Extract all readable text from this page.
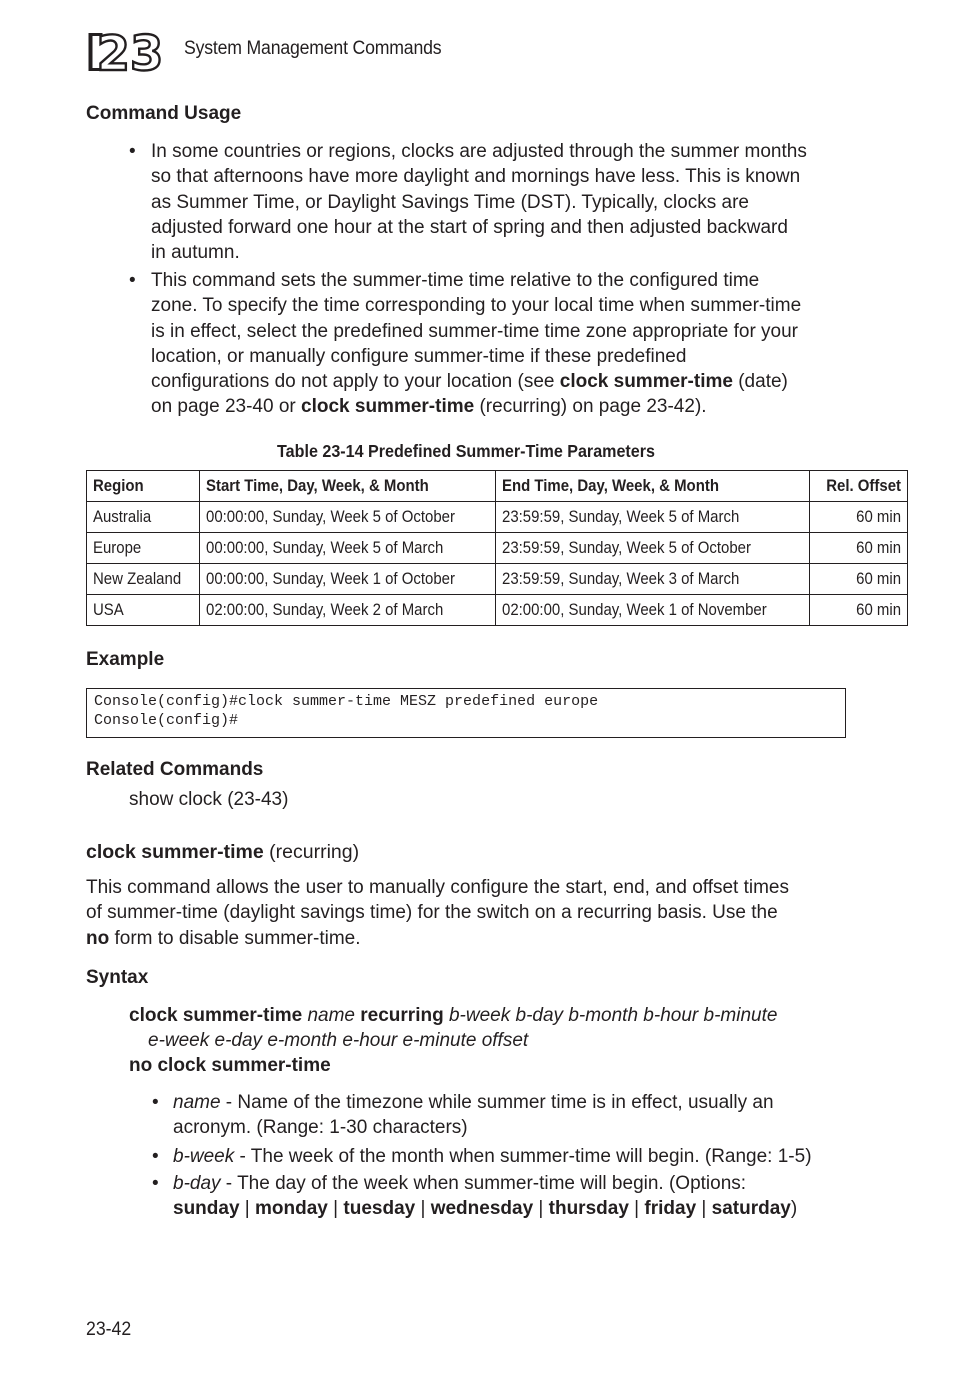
23 System Management Commands
Command Usage
• In some countries or regions, clocks are adjusted through the summer months
so that afternoons have more daylight and mornings have less. This is known
as Summer Time, or Daylight Savings Time (DST). Typically, clocks are
adjusted forward one hour at the start of spring and then adjusted backward
in autumn.
• This command sets the summer-time time relative to the configured time
zone. To specify the time corresponding to your local time when summer-time
is in effect, select the predefined summer-time time zone appropriate for your
location, or manually configure summer-time if these predefined
configurations do not apply to your location (see clock summer-time (date)
on page 23-40 or clock summer-time (recurring) on page 23-42).
Table 23-14 Predefined Summer-Time Parameters
Region	Start Time, Day, Week, & Month	End Time, Day, Week, & Month	Rel. Offset
Australia	00:00:00, Sunday, Week 5 of October	23:59:59, Sunday, Week 5 of March	60 min
Europe	00:00:00, Sunday, Week 5 of March	23:59:59, Sunday, Week 5 of October	60 min
New Zealand	00:00:00, Sunday, Week 1 of October	23:59:59, Sunday, Week 3 of March	60 min
USA	02:00:00, Sunday, Week 2 of March	02:00:00, Sunday, Week 1 of November	60 min
Example
Console(config)#clock summer-time MESZ predefined europe
Console(config)#
Related Commands
show clock (23-43)
clock summer-time (recurring)
This command allows the user to manually configure the start, end, and offset times
of summer-time (daylight savings time) for the switch on a recurring basis. Use the
no form to disable summer-time.
Syntax
clock summer-time name recurring b-week b-day b-month b-hour b-minute
e-week e-day e-month e-hour e-minute offset
no clock summer-time
• name - Name of the timezone while summer time is in effect, usually an
acronym. (Range: 1-30 characters)
• b-week - The week of the month when summer-time will begin. (Range: 1-5)
• b-day - The day of the week when summer-time will begin. (Options:
sunday | monday | tuesday | wednesday | thursday | friday | saturday)
23-42
